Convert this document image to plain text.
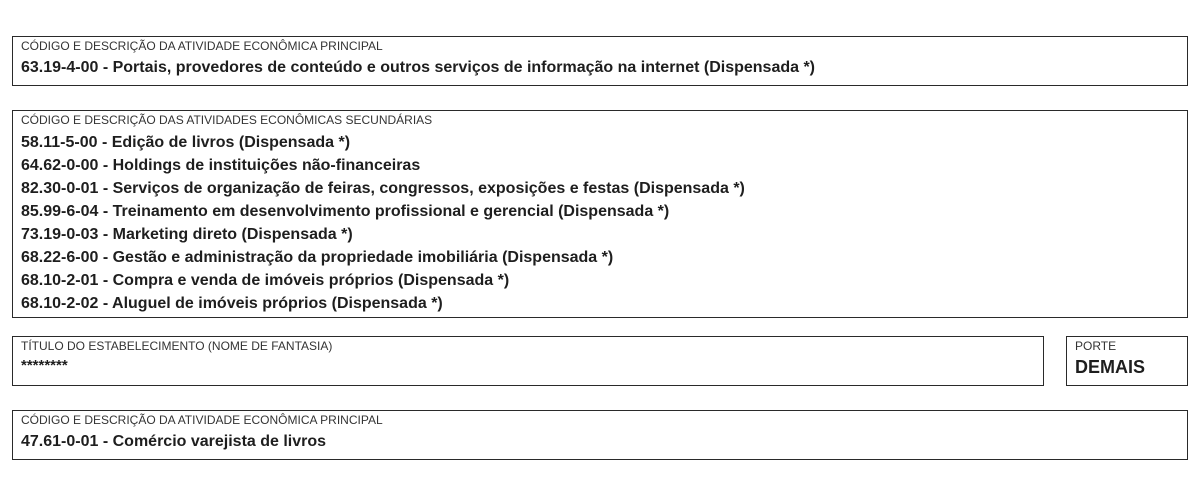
CÓDIGO E DESCRIÇÃO DA ATIVIDADE ECONÔMICA PRINCIPAL
63.19-4-00 - Portais, provedores de conteúdo e outros serviços de informação na internet (Dispensada *)
CÓDIGO E DESCRIÇÃO DAS ATIVIDADES ECONÔMICAS SECUNDÁRIAS
58.11-5-00 - Edição de livros (Dispensada *)
64.62-0-00 - Holdings de instituições não-financeiras
82.30-0-01 - Serviços de organização de feiras, congressos, exposições e festas (Dispensada *)
85.99-6-04 - Treinamento em desenvolvimento profissional e gerencial (Dispensada *)
73.19-0-03 - Marketing direto (Dispensada *)
68.22-6-00 - Gestão e administração da propriedade imobiliária (Dispensada *)
68.10-2-01 - Compra e venda de imóveis próprios (Dispensada *)
68.10-2-02 - Aluguel de imóveis próprios (Dispensada *)
TÍTULO DO ESTABELECIMENTO (NOME DE FANTASIA)
********
PORTE
DEMAIS
CÓDIGO E DESCRIÇÃO DA ATIVIDADE ECONÔMICA PRINCIPAL
47.61-0-01 - Comércio varejista de livros
